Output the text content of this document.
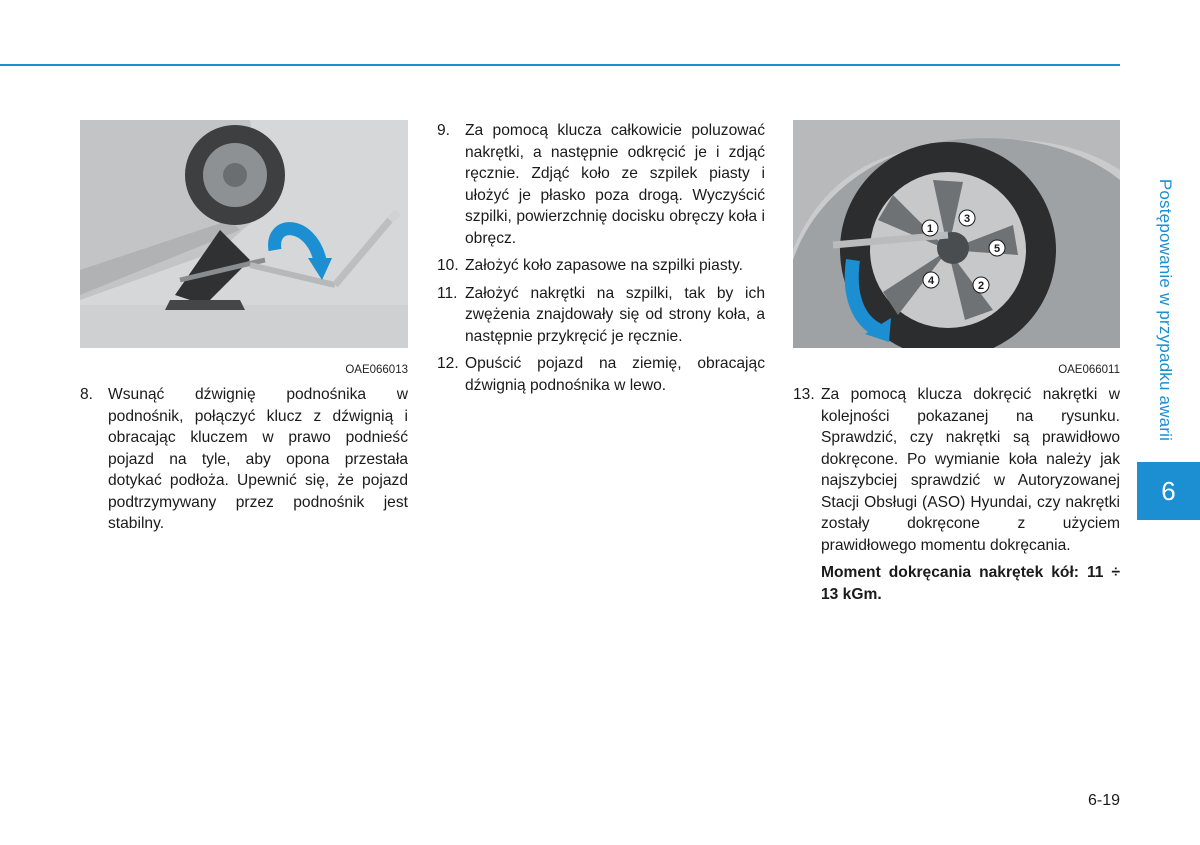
Postępowanie w przypadku awarii
6
OAE066013
1
2
3
4
5
OAE066011
8. Wsunąć dźwignię podnośnika w podnośnik, połączyć klucz z dźwignią i obracając kluczem w prawo podnieść pojazd na tyle, aby opona przestała dotykać podłoża. Upewnić się, że pojazd podtrzymywany przez podnośnik jest stabilny.
9. Za pomocą klucza całkowicie poluzować nakrętki, a następnie odkręcić je i zdjąć ręcznie. Zdjąć koło ze szpilek piasty i ułożyć je płasko poza drogą. Wyczyścić szpilki, powierzchnię docisku obręczy koła i obręcz.
10. Założyć koło zapasowe na szpilki piasty.
11. Założyć nakrętki na szpilki, tak by ich zwężenia znajdowały się od strony koła, a następnie przykręcić je ręcznie.
12. Opuścić pojazd na ziemię, obracając dźwignią podnośnika w lewo.
13. Za pomocą klucza dokręcić nakrętki w kolejności pokazanej na rysunku. Sprawdzić, czy nakrętki są prawidłowo dokręcone. Po wymianie koła należy jak najszybciej sprawdzić w Autoryzowanej Stacji Obsługi (ASO) Hyundai, czy nakrętki zostały dokręcone z użyciem prawidłowego momentu dokręcania.
Moment dokręcania nakrętek kół: 11 ÷ 13 kGm.
6-19
